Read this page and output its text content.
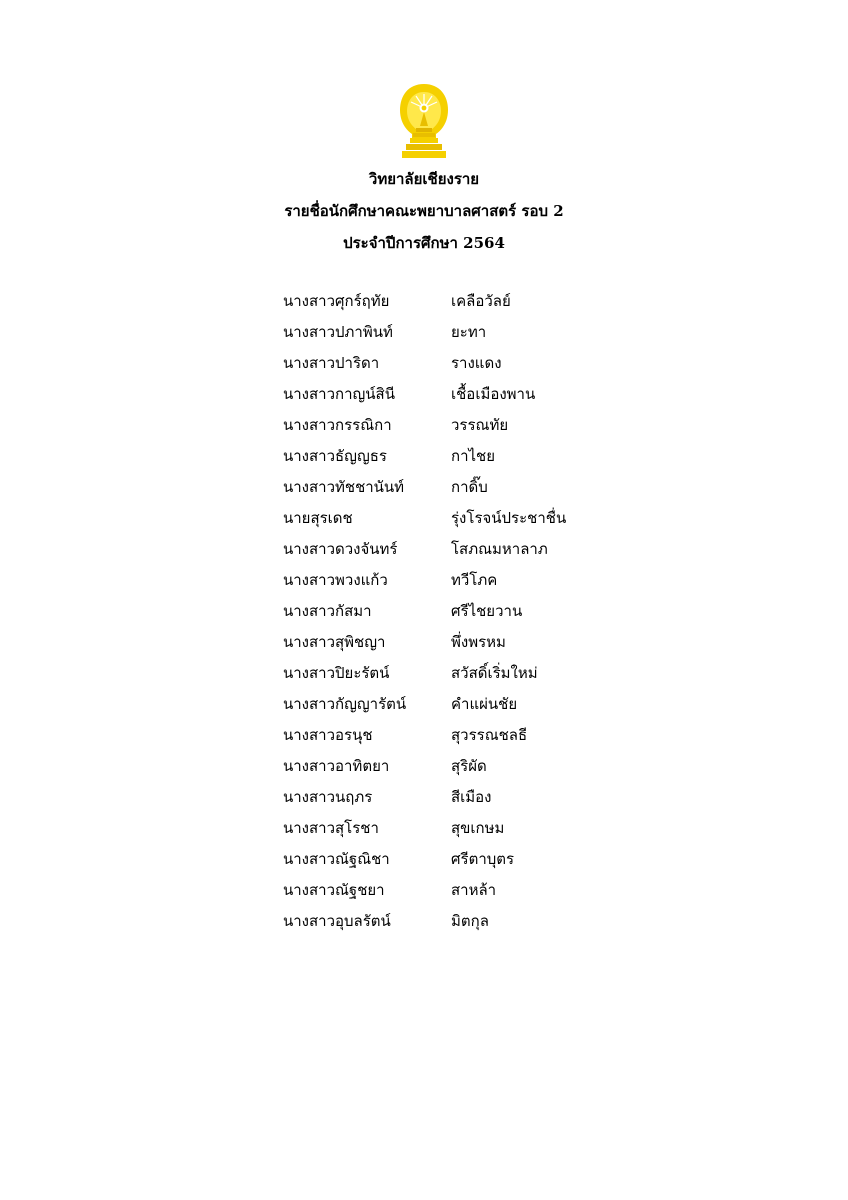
วิทยาลัยเชียงราย
รายชื่อนักศึกษาคณะพยาบาลศาสตร์ รอบ 2
ประจำปีการศึกษา 2564
นางสาวศุกร์ฤทัย	เคลือวัลย์
นางสาวปภาพินท์	ยะทา
นางสาวปาริดา	รางแดง
นางสาวกาญน์สินี	เชื้อเมืองพาน
นางสาวกรรณิกา	วรรณทัย
นางสาวธัญญธร	กาไชย
นางสาวทัชชานันท์	กาดิ๊บ
นายสุรเดช	รุ่งโรจน์ประชาชื่น
นางสาวดวงจันทร์	โสภณมหาลาภ
นางสาวพวงแก้ว	ทวีโภค
นางสาวกัสมา	ศรีไชยวาน
นางสาวสุพิชญา	พึ่งพรหม
นางสาวปิยะรัตน์	สวัสดิ์เริ่มใหม่
นางสาวกัญญารัตน์	คำแผ่นชัย
นางสาวอรนุช	สุวรรณชลธี
นางสาวอาทิตยา	สุริผัด
นางสาวนฤภร	สีเมือง
นางสาวสุโรชา	สุขเกษม
นางสาวณัฐณิชา	ศรีตาบุตร
นางสาวณัฐชยา	สาหล้า
นางสาวอุบลรัตน์	มิตกุล
